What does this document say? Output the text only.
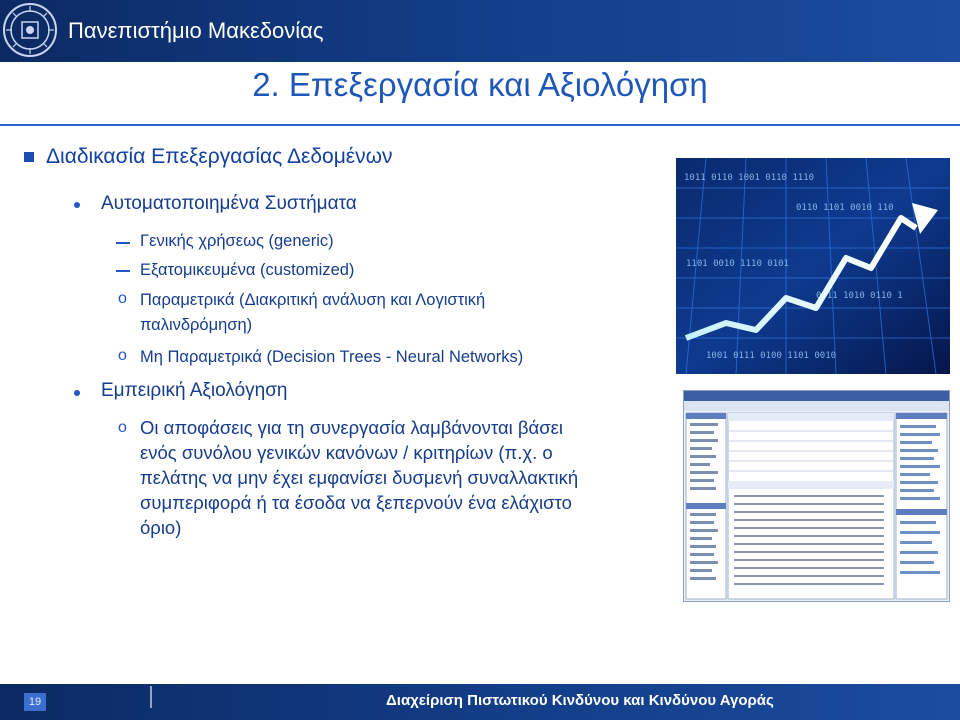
Πανεπιστήμιο Μακεδονίας
2. Επεξεργασία και Αξιολόγηση
Διαδικασία Επεξεργασίας Δεδομένων
Αυτοματοποιημένα Συστήματα
Γενικής χρήσεως (generic)
Εξατομικευμένα (customized)
o Παραμετρικά (Διακριτική ανάλυση και Λογιστική
παλινδρόμηση)
o Μη Παραμετρικά (Decision Trees - Neural Networks)
Εμπειρική Αξιολόγηση
o Οι αποφάσεις για τη συνεργασία λαμβάνονται βάσει
ενός συνόλου γενικών κανόνων / κριτηρίων (π.χ. ο
πελάτης να μην έχει εμφανίσει δυσμενή συναλλακτική
συμπεριφορά ή τα έσοδα να ξεπερνούν ένα ελάχιστο
όριο)
1011 0110 1001 0110 1110
0110 1101 0010 110
1101 0010 1110 0101
0011 1010 0110 1
1001 0111 0100 1101 0010
19	Διαχείριση Πιστωτικού Κινδύνου και Κινδύνου Αγοράς
